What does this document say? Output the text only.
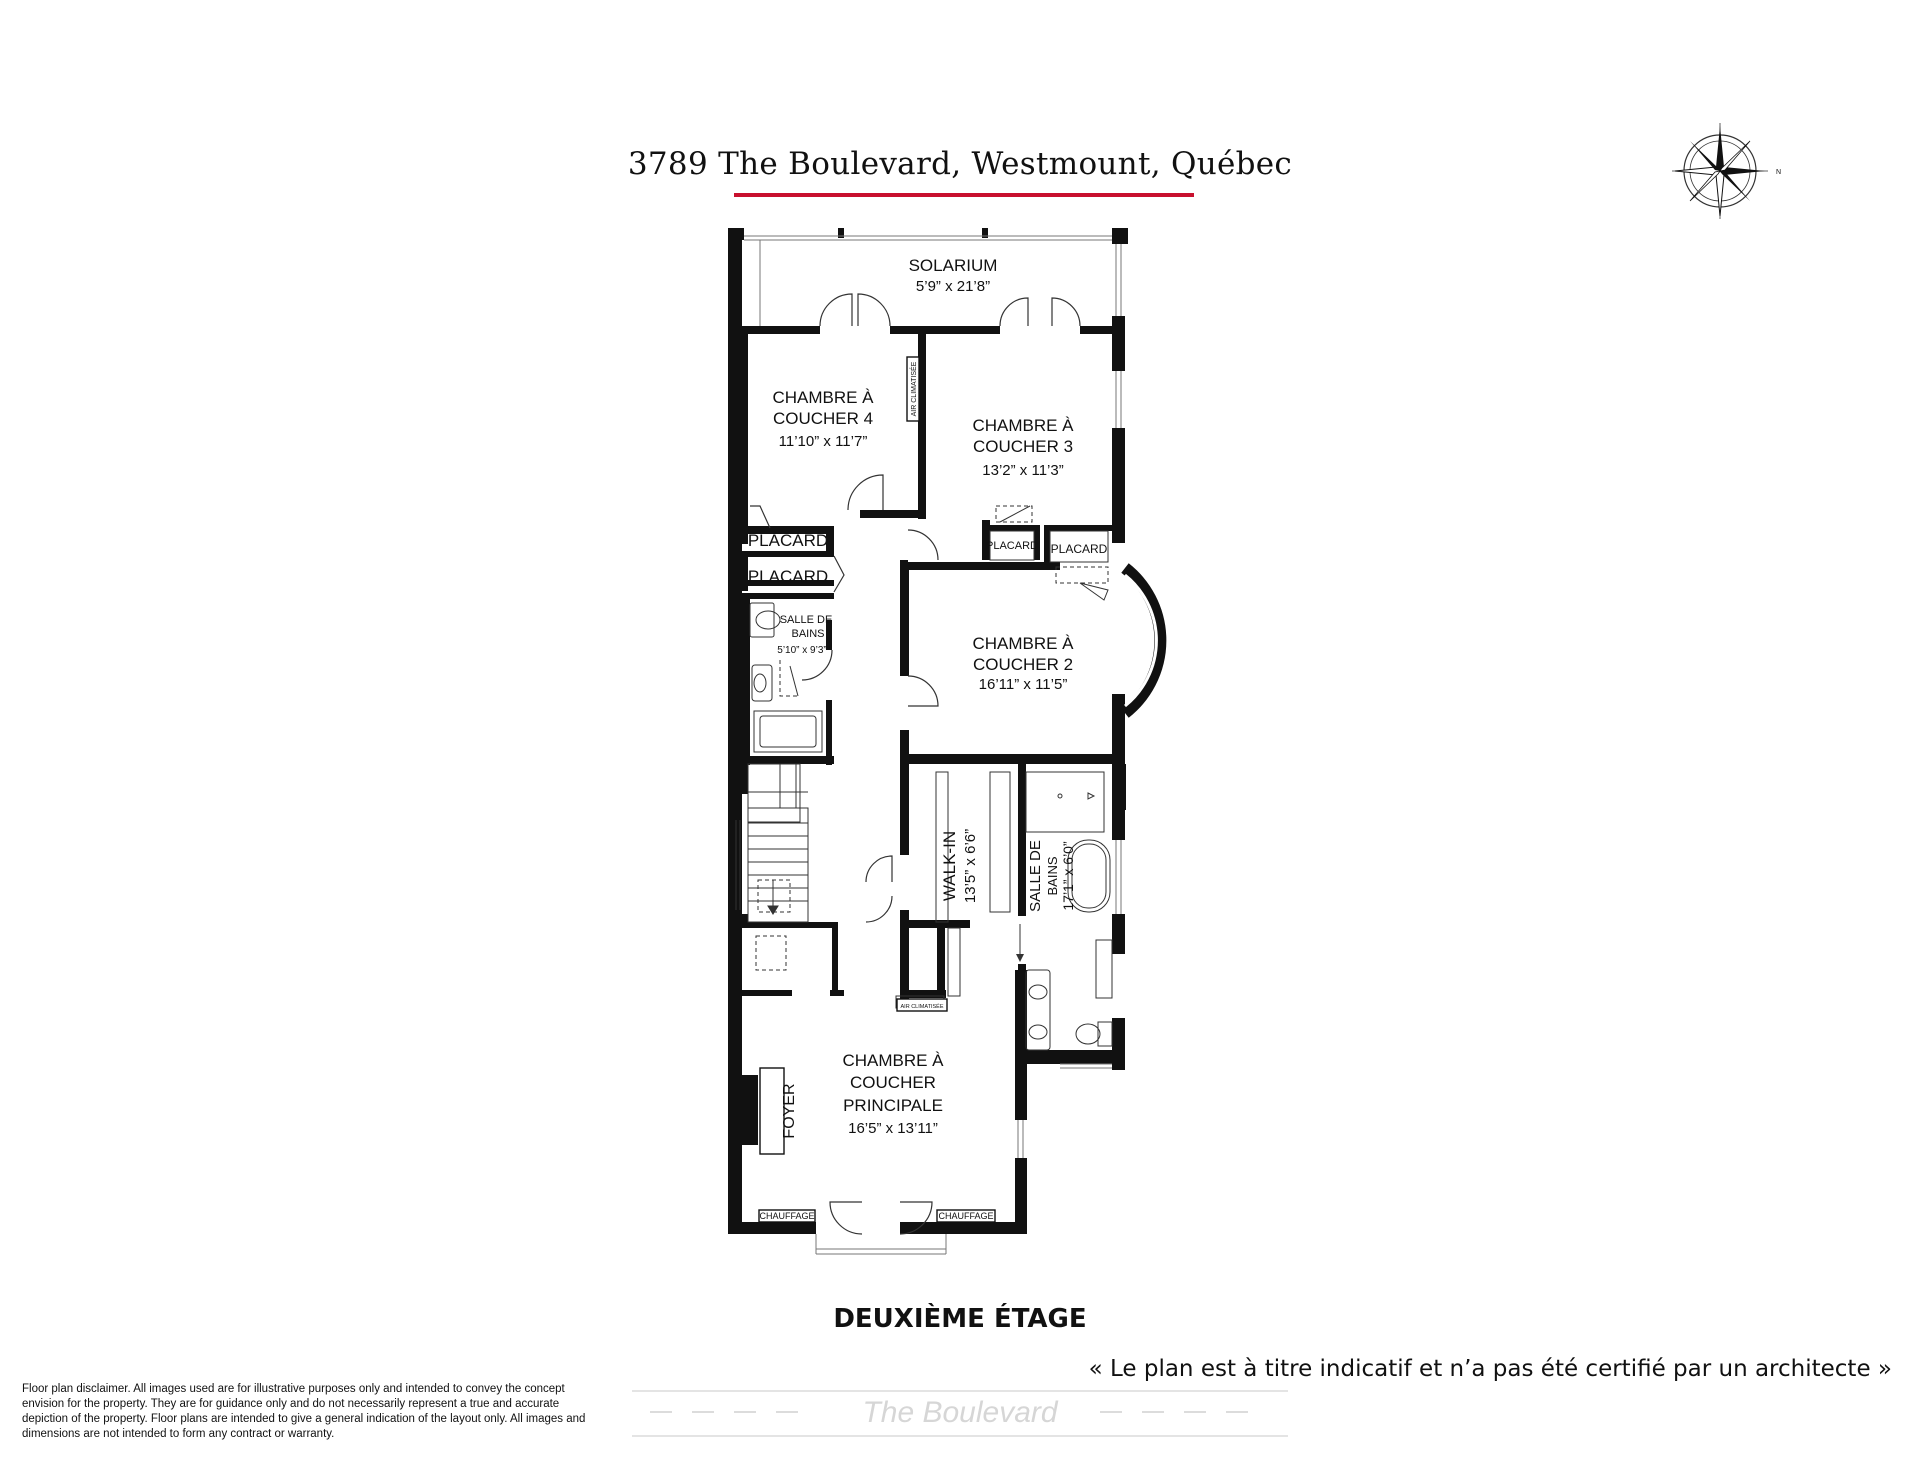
3789 The Boulevard, Westmount, Québec	N
SOLARIUM
5’9” x 21’8”
CHAMBRE À
COUCHER 4
11’10” x 11’7”
CHAMBRE À
COUCHER 3
13’2” x 11’3”
CHAMBRE À
COUCHER 2
16’11” x 11’5”
SALLE DE
BAINS
5’10” x 9’3”
WALK-IN 13’5” x 6’6”	SALLE DE BAINS 17’1” x 6’0”
CHAMBRE À
COUCHER
PRINCIPALE
16’5” x 13’11”
PLACARD
PLACARD
PLACARD PLACARD
AIR CLIMATISÉE
AIR CLIMATISÉE
FOYER
CHAUFFAGE	CHAUFFAGE
DEUXIÈME ÉTAGE
« Le plan est à titre indicatif et n’a pas été certifié par un architecte »
Floor plan disclaimer. All images used are for illustrative purposes only and intended to convey the concept envision for the property. They are for guidance only and do not necessarily represent a true and accurate depiction of the property. Floor plans are intended to give a general indication of the layout only. All images and dimensions are not intended to form any contract or warranty.
The Boulevard
